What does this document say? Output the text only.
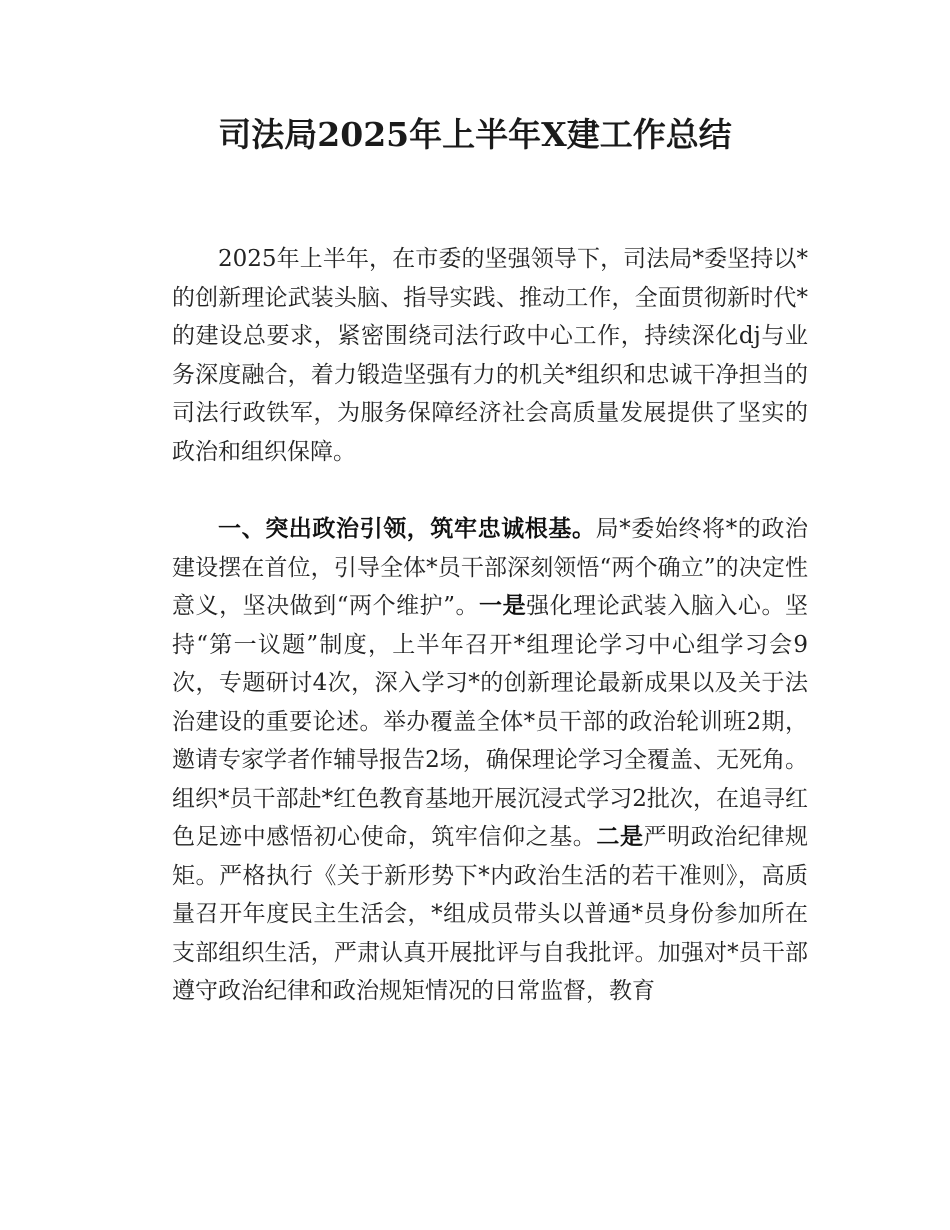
司法局2025年上半年X建工作总结

2025年上半年，在市委的坚强领导下，司法局*委坚持以*的创新理论武装头脑、指导实践、推动工作，全面贯彻新时代*的建设总要求，紧密围绕司法行政中心工作，持续深化dj与业务深度融合，着力锻造坚强有力的机关*组织和忠诚干净担当的司法行政铁军，为服务保障经济社会高质量发展提供了坚实的政治和组织保障。

一、突出政治引领，筑牢忠诚根基。局*委始终将*的政治建设摆在首位，引导全体*员干部深刻领悟“两个确立”的决定性意义，坚决做到“两个维护”。一是强化理论武装入脑入心。坚持“第一议题”制度，上半年召开*组理论学习中心组学习会9次，专题研讨4次，深入学习*的创新理论最新成果以及关于法治建设的重要论述。举办覆盖全体*员干部的政治轮训班2期，邀请专家学者作辅导报告2场，确保理论学习全覆盖、无死角。组织*员干部赴*红色教育基地开展沉浸式学习2批次，在追寻红色足迹中感悟初心使命，筑牢信仰之基。二是严明政治纪律规矩。严格执行《关于新形势下*内政治生活的若干准则》，高质量召开年度民主生活会，*组成员带头以普通*员身份参加所在支部组织生活，严肃认真开展批评与自我批评。加强对*员干部遵守政治纪律和政治规矩情况的日常监督，教育
